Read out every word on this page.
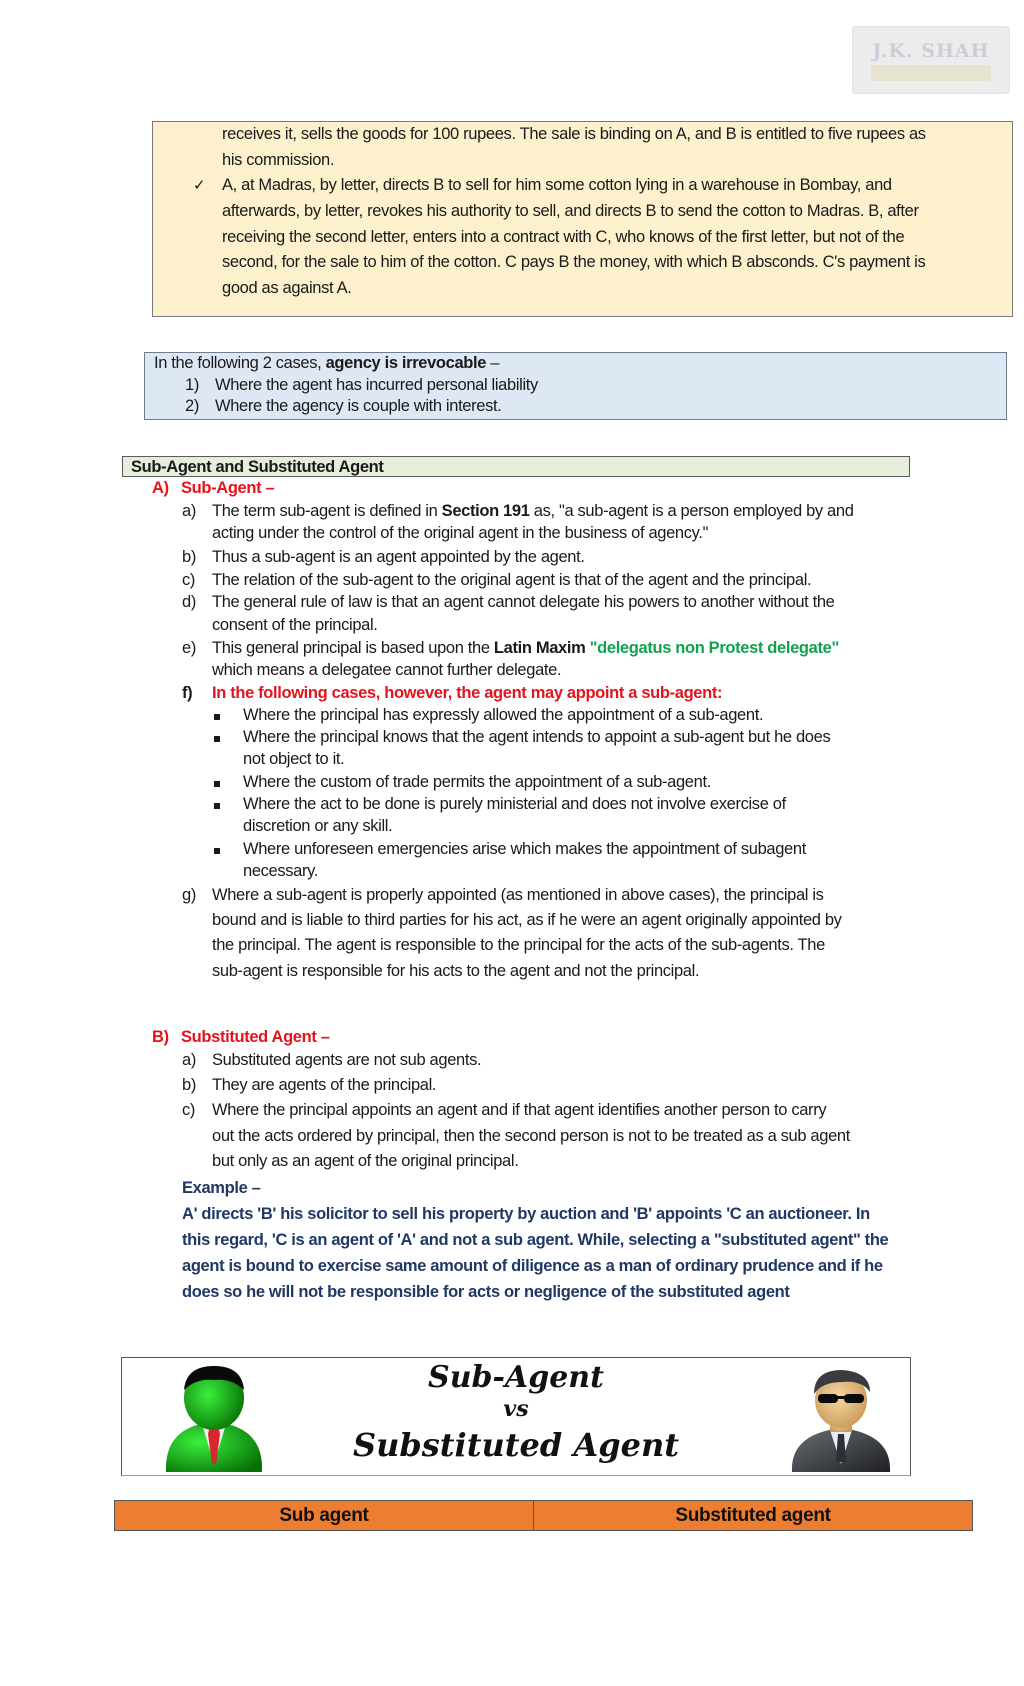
J.K. SHAH
receives it, sells the goods for 100 rupees. The sale is binding on A, and B is entitled to five rupees as
his commission.
✓ A, at Madras, by letter, directs B to sell for him some cotton lying in a warehouse in Bombay, and
afterwards, by letter, revokes his authority to sell, and directs B to send the cotton to Madras. B, after
receiving the second letter, enters into a contract with C, who knows of the first letter, but not of the
second, for the sale to him of the cotton. C pays B the money, with which B absconds. C's payment is
good as against A.
In the following 2 cases, agency is irrevocable –
1) Where the agent has incurred personal liability
2) Where the agency is couple with interest.
Sub-Agent and Substituted Agent
A) Sub-Agent –
a) The term sub-agent is defined in Section 191 as, "a sub-agent is a person employed by and
acting under the control of the original agent in the business of agency."
b) Thus a sub-agent is an agent appointed by the agent.
c) The relation of the sub-agent to the original agent is that of the agent and the principal.
d) The general rule of law is that an agent cannot delegate his powers to another without the
consent of the principal.
e) This general principal is based upon the Latin Maxim "delegatus non Protest delegate"
which means a delegatee cannot further delegate.
f) In the following cases, however, the agent may appoint a sub-agent:
Where the principal has expressly allowed the appointment of a sub-agent.
Where the principal knows that the agent intends to appoint a sub-agent but he does
not object to it.
Where the custom of trade permits the appointment of a sub-agent.
Where the act to be done is purely ministerial and does not involve exercise of
discretion or any skill.
Where unforeseen emergencies arise which makes the appointment of subagent
necessary.
g) Where a sub-agent is properly appointed (as mentioned in above cases), the principal is
bound and is liable to third parties for his act, as if he were an agent originally appointed by
the principal. The agent is responsible to the principal for the acts of the sub-agents. The
sub-agent is responsible for his acts to the agent and not the principal.
B) Substituted Agent –
a) Substituted agents are not sub agents.
b) They are agents of the principal.
c) Where the principal appoints an agent and if that agent identifies another person to carry
out the acts ordered by principal, then the second person is not to be treated as a sub agent
but only as an agent of the original principal.
Example –
A' directs 'B' his solicitor to sell his property by auction and 'B' appoints 'C an auctioneer. In
this regard, 'C is an agent of 'A' and not a sub agent. While, selecting a "substituted agent" the
agent is bound to exercise same amount of diligence as a man of ordinary prudence and if he
does so he will not be responsible for acts or negligence of the substituted agent
Sub-Agent
vs
Substituted Agent
Sub agent	Substituted agent
